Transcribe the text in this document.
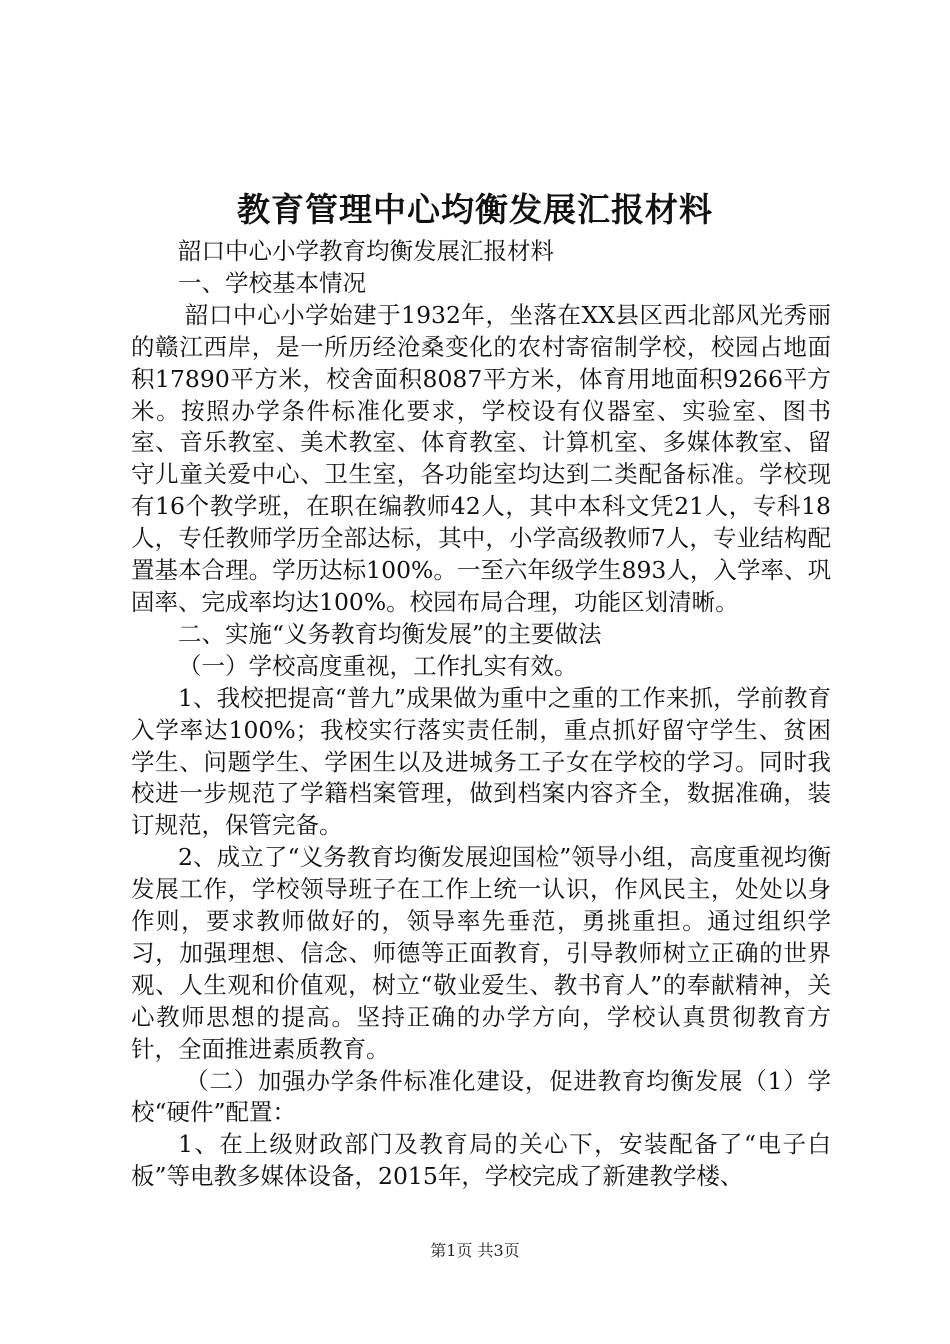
教育管理中心均衡发展汇报材料

韶口中心小学教育均衡发展汇报材料

一、学校基本情况

韶口中心小学始建于1932年，坐落在XX县区西北部风光秀丽的赣江西岸，是一所历经沧桑变化的农村寄宿制学校，校园占地面积17890平方米，校舍面积8087平方米，体育用地面积9266平方米。按照办学条件标准化要求，学校设有仪器室、实验室、图书室、音乐教室、美术教室、体育教室、计算机室、多媒体教室、留守儿童关爱中心、卫生室，各功能室均达到二类配备标准。学校现有16个教学班，在职在编教师42人，其中本科文凭21人，专科18人，专任教师学历全部达标，其中，小学高级教师7人，专业结构配置基本合理。学历达标100%。一至六年级学生893人，入学率、巩固率、完成率均达100%。校园布局合理，功能区划清晰。

二、实施“义务教育均衡发展”的主要做法

（一）学校高度重视，工作扎实有效。

1、我校把提高“普九”成果做为重中之重的工作来抓，学前教育入学率达100%；我校实行落实责任制，重点抓好留守学生、贫困学生、问题学生、学困生以及进城务工子女在学校的学习。同时我校进一步规范了学籍档案管理，做到档案内容齐全，数据准确，装订规范，保管完备。

2、成立了“义务教育均衡发展迎国检”领导小组，高度重视均衡发展工作，学校领导班子在工作上统一认识，作风民主，处处以身作则，要求教师做好的，领导率先垂范，勇挑重担。通过组织学习，加强理想、信念、师德等正面教育，引导教师树立正确的世界观、人生观和价值观，树立“敬业爱生、教书育人”的奉献精神，关心教师思想的提高。坚持正确的办学方向，学校认真贯彻教育方针，全面推进素质教育。

（二）加强办学条件标准化建设，促进教育均衡发展（1）学校“硬件”配置：

1、在上级财政部门及教育局的关心下，安装配备了“电子白板”等电教多媒体设备，2015年，学校完成了新建教学楼、

第1页 共3页
